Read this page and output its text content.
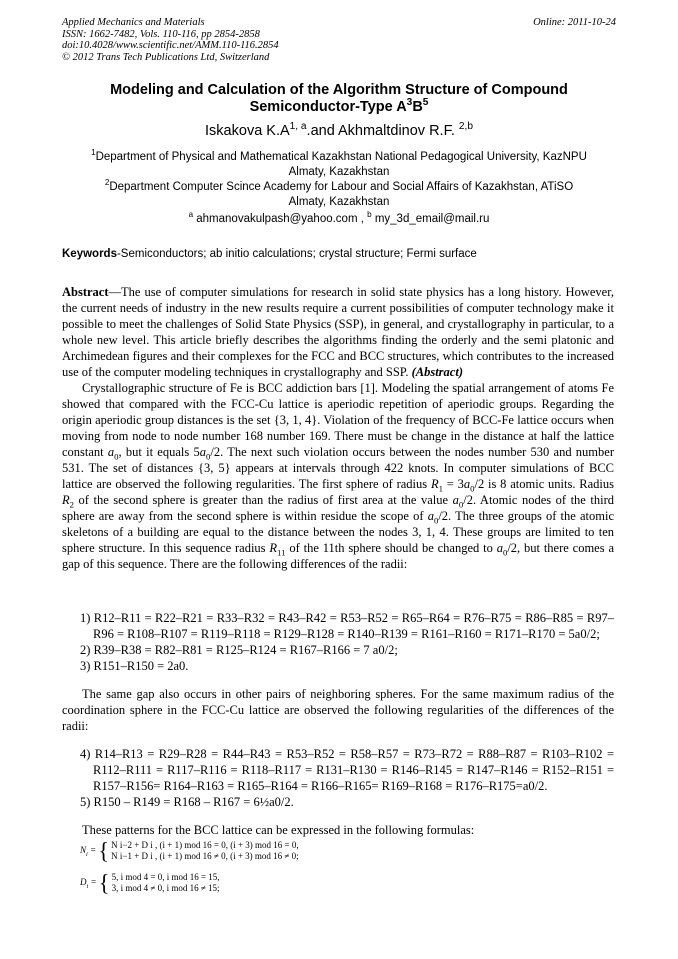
Applied Mechanics and Materials
ISSN: 1662-7482, Vols. 110-116, pp 2854-2858
doi:10.4028/www.scientific.net/AMM.110-116.2854
© 2012 Trans Tech Publications Ltd, Switzerland
Online: 2011-10-24
Modeling and Calculation of the Algorithm Structure of Compound
Semiconductor-Type $A^3B^5$
Iskakova $K.A^{1, a}.and$ Akhmaltdinov R.F. $^{2,b}$
$^1$Department of Physical and Mathematical Kazakhstan National Pedagogical University, KazNPU
Almaty, Kazakhstan
$^2$Department Computer Scince Academy for Labour and Social Affairs of Kazakhstan, ATiSO
Almaty, Kazakhstan
$^a$ ahmanovakulpash@yahoo.com , $^b$ my_3d_email@mail.ru
Keywords-Semiconductors; ab initio calculations; crystal structure; Fermi surface

Abstract—The use of computer simulations for research in solid state physics has a long history. However, the current needs of industry in the new results require a current possibilities of computer technology make it possible to meet the challenges of Solid State Physics (SSP), in general, and crystallography in particular, to a whole new level. This article briefly describes the algorithms finding the orderly and the semi platonic and Archimedean figures and their complexes for the FCC and BCC structures, which contributes to the increased use of the computer modeling techniques in crystallography and SSP. (Abstract)

Crystallographic structure of Fe is BCC addiction bars [1]. Modeling the spatial arrangement of atoms Fe showed that compared with the FCC-Cu lattice is aperiodic repetition of aperiodic groups. Regarding the origin aperiodic group distances is the set {3, 1, 4}. Violation of the frequency of BCC-Fe lattice occurs when moving from node to node number 168 number 169. There must be change in the distance at half the lattice constant $a_0$, but it equals $5a_0/2$. The next such violation occurs between the nodes number 530 and number 531. The set of distances {3, 5} appears at intervals through 422 knots. In computer simulations of BCC lattice are observed the following regularities. The first sphere of radius $R_1 = 3a_0/2$ is 8 atomic units. Radius $R_2$ of the second sphere is greater than the radius of first area at the value $a_0/2$. Atomic nodes of the third sphere are away from the second sphere is within residue the scope of $a_0/2$. The three groups of the atomic skeletons of a building are equal to the distance between the nodes 3, 1, 4. These groups are limited to ten sphere structure. In this sequence radius $R_{11}$ of the 11th sphere should be changed to $a_0/2$, but there comes a gap of this sequence. There are the following differences of the radii:

1) R12–R11 = R22–R21 = R33–R32 = R43–R42 = R53–R52 = R65–R64 = R76–R75 = R86–R85 = R97–R96 = R108–R107 = R119–R118 = R129–R128 = R140–R139 = R161–R160 = R171–R170 = 5a0/2;
2) R39–R38 = R82–R81 = R125–R124 = R167–R166 = 7 a0/2;
3) R151–R150 = 2a0.

The same gap also occurs in other pairs of neighboring spheres. For the same maximum radius of the coordination sphere in the FCC-Cu lattice are observed the following regularities of the differences of the radii:

4) R14–R13 = R29–R28 = R44–R43 = R53–R52 = R58–R57 = R73–R72 = R88–R87 = R103–R102 = R112–R111 = R117–R116 = R118–R117 = R131–R130 = R146–R145 = R147–R146 = R152–R151 = R157–R156= R164–R163 = R165–R164 = R166–R165= R169–R168 = R176–R175=a0/2.
5) R150 – R149 = R168 – R167 = 6½a0/2.

These patterns for the BCC lattice can be expressed in the following formulas:

$N_i$ = { N i−2 + D i , (i + 1) mod 16 = 0, (i + 3) mod 16 = 0,
N i−1 + D i , (i + 1) mod 16 ≠ 0, (i + 3) mod 16 ≠ 0;
$D_i$ = { 5, i mod 4 = 0, i mod 16 = 15,
3, i mod 4 ≠ 0, i mod 16 ≠ 15;
